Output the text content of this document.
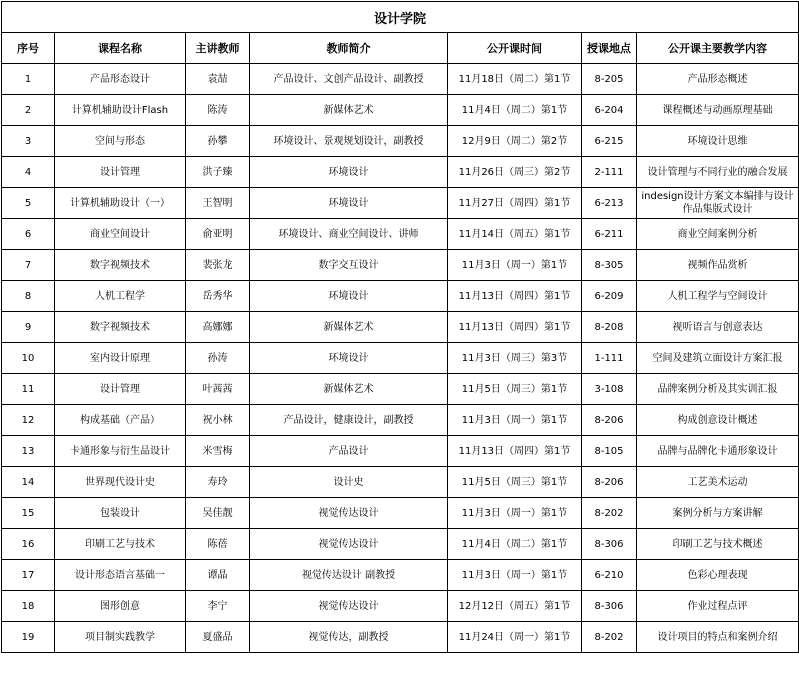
设计学院						
序号	课程名称	主讲教师	教师简介	公开课时间	授课地点	公开课主要教学内容
1	产品形态设计	袁喆	产品设计、文创产品设计、副教授	11月18日（周二）第1节	8-205	产品形态概述
2	计算机辅助设计Flash	陈涛	新媒体艺术	11月4日（周二）第1节	6-204	课程概述与动画原理基础
3	空间与形态	孙攀	环境设计、景观规划设计，副教授	12月9日（周二）第2节	6-215	环境设计思维
4	设计管理	洪子臻	环境设计	11月26日（周三）第2节	2-111	设计管理与不同行业的融合发展
5	计算机辅助设计（一）	王智明	环境设计	11月27日（周四）第1节	6-213	indesign设计方案文本编排与设计作品集版式设计
6	商业空间设计	俞亚明	环境设计、商业空间设计、讲师	11月14日（周五）第1节	6-211	商业空间案例分析
7	数字视频技术	裴张龙	数字交互设计	11月3日（周一）第1节	8-305	视频作品赏析
8	人机工程学	岳秀华	环境设计	11月13日（周四）第1节	6-209	人机工程学与空间设计
9	数字视频技术	高娜娜	新媒体艺术	11月13日（周四）第1节	8-208	视听语言与创意表达
10	室内设计原理	孙涛	环境设计	11月3日（周三）第3节	1-111	空间及建筑立面设计方案汇报
11	设计管理	叶茜茜	新媒体艺术	11月5日（周三）第1节	3-108	品牌案例分析及其实训汇报
12	构成基础（产品）	祝小林	产品设计，健康设计，副教授	11月3日（周一）第1节	8-206	构成创意设计概述
13	卡通形象与衍生品设计	米雪梅	产品设计	11月13日（周四）第1节	8-105	品牌与品牌化卡通形象设计
14	世界现代设计史	寿玲	设计史	11月5日（周三）第1节	8-206	工艺美术运动
15	包装设计	吴佳靓	视觉传达设计	11月3日（周一）第1节	8-202	案例分析与方案讲解
16	印刷工艺与技术	陈蓓	视觉传达设计	11月4日（周二）第1节	8-306	印刷工艺与技术概述
17	设计形态语言基础一	谭晶	视觉传达设计 副教授	11月3日（周一）第1节	6-210	色彩心理表现
18	图形创意	李宁	视觉传达设计	12月12日（周五）第1节	8-306	作业过程点评
19	项目制实践教学	夏盛品	视觉传达，副教授	11月24日（周一）第1节	8-202	设计项目的特点和案例介绍
